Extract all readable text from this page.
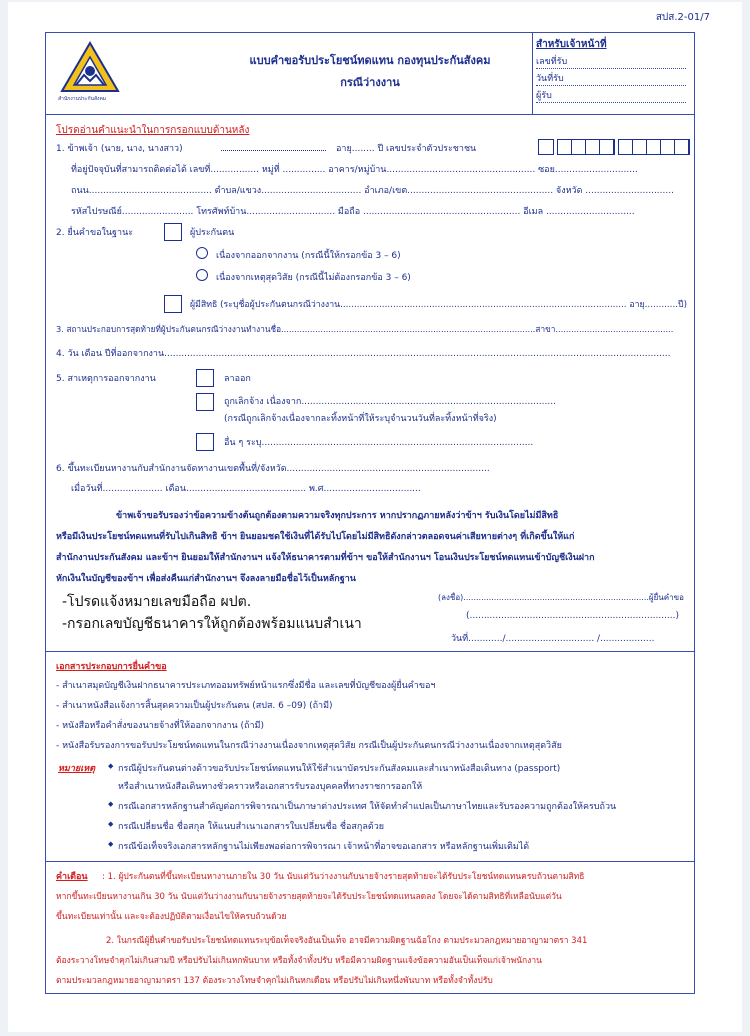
สปส.2-01/7
สำนักงานประกันสังคม
แบบคำขอรับประโยชน์ทดแทน กองทุนประกันสังคม
กรณีว่างงาน
สำหรับเจ้าหน้าที่
เลขที่รับ
วันที่รับ
ผู้รับ
โปรดอ่านคำแนะนำในการกรอกแบบด้านหลัง
1. ข้าพเจ้า (นาย, นาง, นางสาว)	อายุ........ ปี เลขประจำตัวประชาชน
ที่อยู่ปัจจุบันที่สามารถติดต่อได้ เลขที่................. หมู่ที่ ............... อาคาร/หมู่บ้าน.................................................... ซอย.............................
ถนน........................................... ตำบล/แขวง................................... อำเภอ/เขต................................................... จังหวัด ...............................
รหัสไปรษณีย์......................... โทรศัพท์บ้าน............................... มือถือ ....................................................... อีเมล ...............................
2. ยื่นคำขอในฐานะ	ผู้ประกันตน
เนื่องจากออกจากงาน (กรณีนี้ให้กรอกข้อ 3 – 6)
เนื่องจากเหตุสุดวิสัย (กรณีนี้ไม่ต้องกรอกข้อ 3 – 6)
ผู้มีสิทธิ (ระบุชื่อผู้ประกันตนกรณีว่างงาน....................................................................................................... อายุ............ปี)
3. สถานประกอบการสุดท้ายที่ผู้ประกันตนกรณีว่างงานทำงานชื่อ.................................................................................................สาขา.............................................
4. วัน เดือน ปีที่ออกจากงาน.................................................................................................................................................................................
5. สาเหตุการออกจากงาน	ลาออก
ถูกเลิกจ้าง เนื่องจาก.........................................................................................
(กรณีถูกเลิกจ้างเนื่องจากละทิ้งหน้าที่ให้ระบุจำนวนวันที่ละทิ้งหน้าที่จริง)
อื่น ๆ ระบุ...............................................................................................
6. ขึ้นทะเบียนหางานกับสำนักงานจัดหางานเขตพื้นที่/จังหวัด.......................................................................
เมื่อวันที่..................... เดือน.......................................... พ.ศ..................................
ข้าพเจ้าขอรับรองว่าข้อความข้างต้นถูกต้องตามความจริงทุกประการ หากปรากฏภายหลังว่าข้าฯ รับเงินโดยไม่มีสิทธิ
หรือมีเงินประโยชน์ทดแทนที่รับไปเกินสิทธิ ข้าฯ ยินยอมชดใช้เงินที่ได้รับไปโดยไม่มีสิทธิดังกล่าวตลอดจนค่าเสียหายต่างๆ ที่เกิดขึ้นให้แก่
สำนักงานประกันสังคม และข้าฯ ยินยอมให้สำนักงานฯ แจ้งให้ธนาคารตามที่ข้าฯ ขอให้สำนักงานฯ โอนเงินประโยชน์ทดแทนเข้าบัญชีเงินฝาก
หักเงินในบัญชีของข้าฯ เพื่อส่งคืนแก่สำนักงานฯ จึงลงลายมือชื่อไว้เป็นหลักฐาน
-โปรดแจ้งหมายเลขมือถือ ผปต.
-กรอกเลขบัญชีธนาคารให้ถูกต้องพร้อมแนบสำเนา
(ลงชื่อ).........................................................................ผู้ยื่นคำขอ
(........................................................................)
วันที่............/............................... /...................
เอกสารประกอบการยื่นคำขอ
- สำเนาสมุดบัญชีเงินฝากธนาคารประเภทออมทรัพย์หน้าแรกซึ่งมีชื่อ และเลขที่บัญชีของผู้ยื่นคำขอฯ
- สำเนาหนังสือแจ้งการสิ้นสุดความเป็นผู้ประกันตน (สปส. 6 –09) (ถ้ามี)
- หนังสือหรือคำสั่งของนายจ้างที่ให้ออกจากงาน (ถ้ามี)
- หนังสือรับรองการขอรับประโยชน์ทดแทนในกรณีว่างงานเนื่องจากเหตุสุดวิสัย กรณีเป็นผู้ประกันตนกรณีว่างงานเนื่องจากเหตุสุดวิสัย
หมายเหตุ ◆ กรณีผู้ประกันตนต่างด้าวขอรับประโยชน์ทดแทนให้ใช้สำเนาบัตรประกันสังคมและสำเนาหนังสือเดินทาง (passport)
หรือสำเนาหนังสือเดินทางชั่วคราวหรือเอกสารรับรองบุคคลที่ทางราชการออกให้
◆ กรณีเอกสารหลักฐานสำคัญต่อการพิจารณาเป็นภาษาต่างประเทศ ให้จัดทำคำแปลเป็นภาษาไทยและรับรองความถูกต้องให้ครบถ้วน
◆ กรณีเปลี่ยนชื่อ ชื่อสกุล ให้แนบสำเนาเอกสารใบเปลี่ยนชื่อ ชื่อสกุลด้วย
◆ กรณีข้อเท็จจริงเอกสารหลักฐานไม่เพียงพอต่อการพิจารณา เจ้าหน้าที่อาจขอเอกสาร หรือหลักฐานเพิ่มเติมได้
คำเตือน : 1. ผู้ประกันตนที่ขึ้นทะเบียนหางานภายใน 30 วัน นับแต่วันว่างงานกับนายจ้างรายสุดท้ายจะได้รับประโยชน์ทดแทนครบถ้วนตามสิทธิ
หากขึ้นทะเบียนหางานเกิน 30 วัน นับแต่วันว่างงานกับนายจ้างรายสุดท้ายจะได้รับประโยชน์ทดแทนลดลง โดยจะได้ตามสิทธิที่เหลือนับแต่วัน
ขึ้นทะเบียนเท่านั้น และจะต้องปฏิบัติตามเงื่อนไขให้ครบถ้วนด้วย
2. ในกรณีผู้ยื่นคำขอรับประโยชน์ทดแทนระบุข้อเท็จจริงอันเป็นเท็จ อาจมีความผิดฐานฉ้อโกง ตามประมวลกฎหมายอาญามาตรา 341
ต้องระวางโทษจำคุกไม่เกินสามปี หรือปรับไม่เกินหกพันบาท หรือทั้งจำทั้งปรับ หรือมีความผิดฐานแจ้งข้อความอันเป็นเท็จแก่เจ้าพนักงาน
ตามประมวลกฎหมายอาญามาตรา 137 ต้องระวางโทษจำคุกไม่เกินหกเดือน หรือปรับไม่เกินหนึ่งพันบาท หรือทั้งจำทั้งปรับ
